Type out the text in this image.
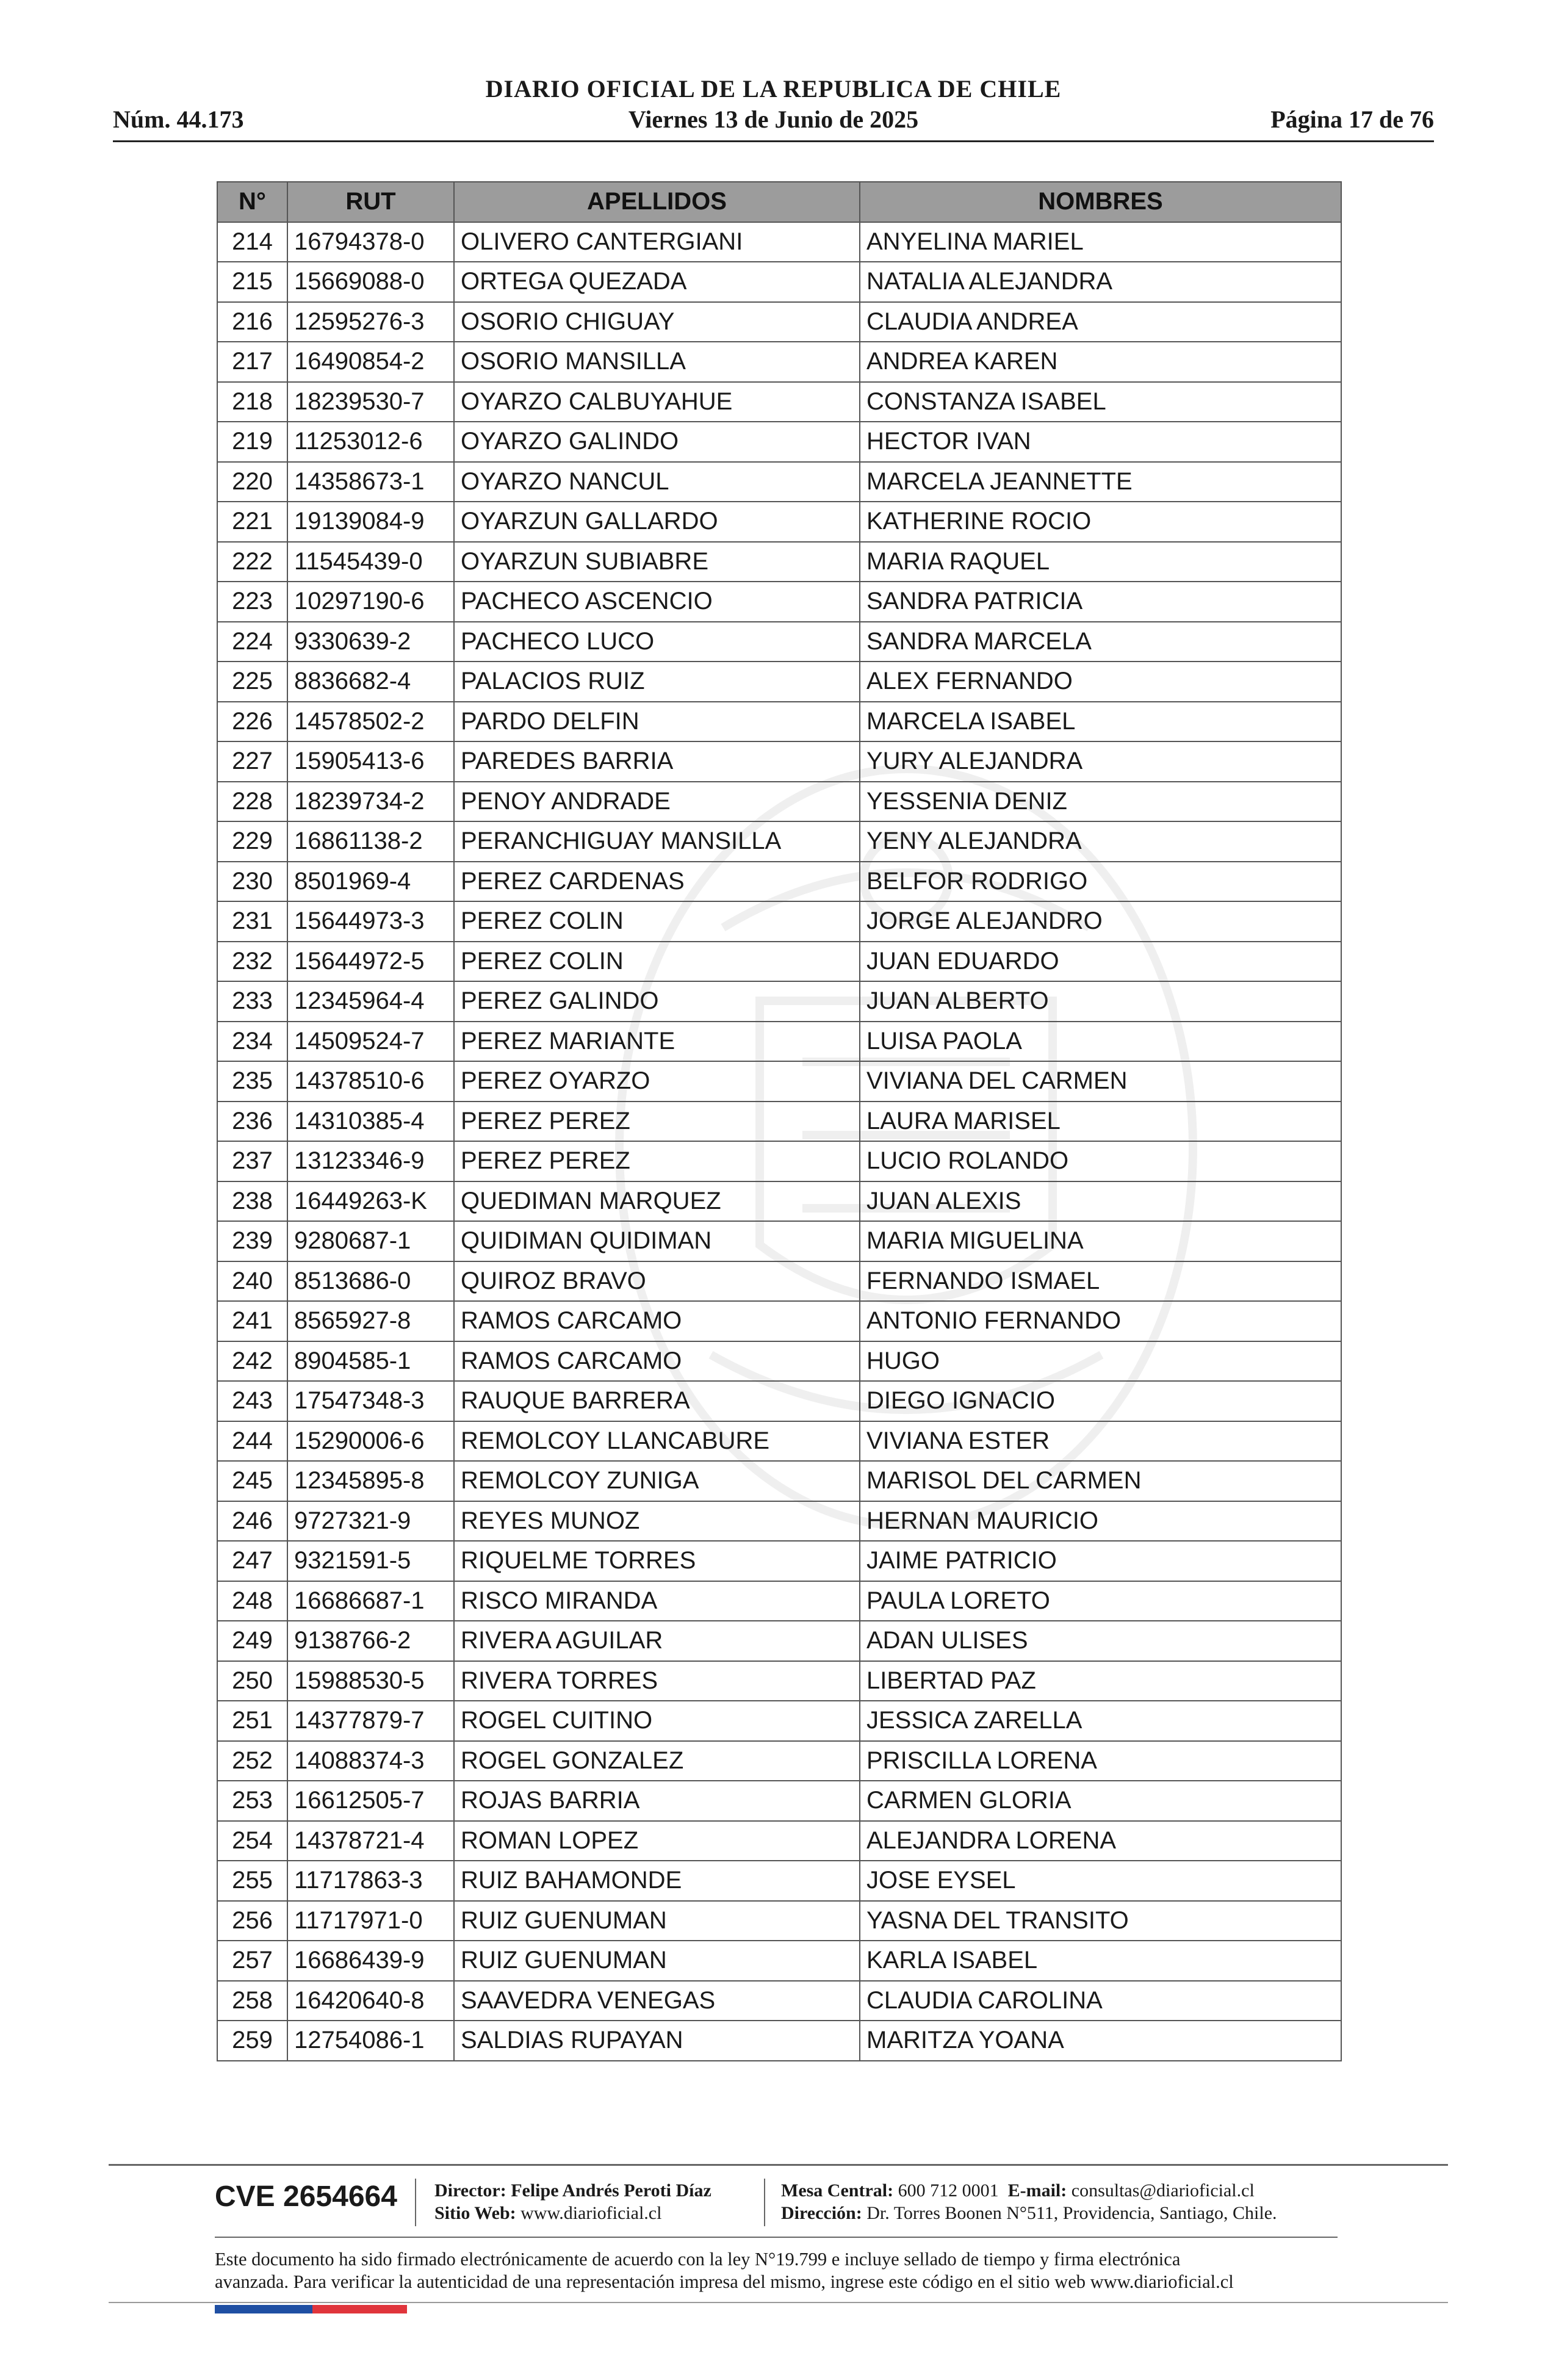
DIARIO OFICIAL DE LA REPUBLICA DE CHILE
Núm. 44.173	Viernes 13 de Junio de 2025	Página 17 de 76
N°	RUT	APELLIDOS	NOMBRES
214	16794378-0	OLIVERO CANTERGIANI	ANYELINA MARIEL
215	15669088-0	ORTEGA QUEZADA	NATALIA ALEJANDRA
216	12595276-3	OSORIO CHIGUAY	CLAUDIA ANDREA
217	16490854-2	OSORIO MANSILLA	ANDREA KAREN
218	18239530-7	OYARZO CALBUYAHUE	CONSTANZA ISABEL
219	11253012-6	OYARZO GALINDO	HECTOR IVAN
220	14358673-1	OYARZO NANCUL	MARCELA JEANNETTE
221	19139084-9	OYARZUN GALLARDO	KATHERINE ROCIO
222	11545439-0	OYARZUN SUBIABRE	MARIA RAQUEL
223	10297190-6	PACHECO ASCENCIO	SANDRA PATRICIA
224	9330639-2	PACHECO LUCO	SANDRA MARCELA
225	8836682-4	PALACIOS RUIZ	ALEX FERNANDO
226	14578502-2	PARDO DELFIN	MARCELA ISABEL
227	15905413-6	PAREDES BARRIA	YURY ALEJANDRA
228	18239734-2	PENOY ANDRADE	YESSENIA DENIZ
229	16861138-2	PERANCHIGUAY MANSILLA	YENY ALEJANDRA
230	8501969-4	PEREZ CARDENAS	BELFOR RODRIGO
231	15644973-3	PEREZ COLIN	JORGE ALEJANDRO
232	15644972-5	PEREZ COLIN	JUAN EDUARDO
233	12345964-4	PEREZ GALINDO	JUAN ALBERTO
234	14509524-7	PEREZ MARIANTE	LUISA PAOLA
235	14378510-6	PEREZ OYARZO	VIVIANA DEL CARMEN
236	14310385-4	PEREZ PEREZ	LAURA MARISEL
237	13123346-9	PEREZ PEREZ	LUCIO ROLANDO
238	16449263-K	QUEDIMAN MARQUEZ	JUAN ALEXIS
239	9280687-1	QUIDIMAN QUIDIMAN	MARIA MIGUELINA
240	8513686-0	QUIROZ BRAVO	FERNANDO ISMAEL
241	8565927-8	RAMOS CARCAMO	ANTONIO FERNANDO
242	8904585-1	RAMOS CARCAMO	HUGO
243	17547348-3	RAUQUE BARRERA	DIEGO IGNACIO
244	15290006-6	REMOLCOY LLANCABURE	VIVIANA ESTER
245	12345895-8	REMOLCOY ZUNIGA	MARISOL DEL CARMEN
246	9727321-9	REYES MUNOZ	HERNAN MAURICIO
247	9321591-5	RIQUELME TORRES	JAIME PATRICIO
248	16686687-1	RISCO MIRANDA	PAULA LORETO
249	9138766-2	RIVERA AGUILAR	ADAN ULISES
250	15988530-5	RIVERA TORRES	LIBERTAD PAZ
251	14377879-7	ROGEL CUITINO	JESSICA ZARELLA
252	14088374-3	ROGEL GONZALEZ	PRISCILLA LORENA
253	16612505-7	ROJAS BARRIA	CARMEN GLORIA
254	14378721-4	ROMAN LOPEZ	ALEJANDRA LORENA
255	11717863-3	RUIZ BAHAMONDE	JOSE EYSEL
256	11717971-0	RUIZ GUENUMAN	YASNA DEL TRANSITO
257	16686439-9	RUIZ GUENUMAN	KARLA ISABEL
258	16420640-8	SAAVEDRA VENEGAS	CLAUDIA CAROLINA
259	12754086-1	SALDIAS RUPAYAN	MARITZA YOANA
CVE 2654664 Director: Felipe Andrés Peroti Díaz
Sitio Web: www.diarioficial.cl
Mesa Central: 600 712 0001 E-mail: consultas@diarioficial.cl
Dirección: Dr. Torres Boonen N°511, Providencia, Santiago, Chile.
Este documento ha sido firmado electrónicamente de acuerdo con la ley N°19.799 e incluye sellado de tiempo y firma electrónica
avanzada. Para verificar la autenticidad de una representación impresa del mismo, ingrese este código en el sitio web www.diarioficial.cl
